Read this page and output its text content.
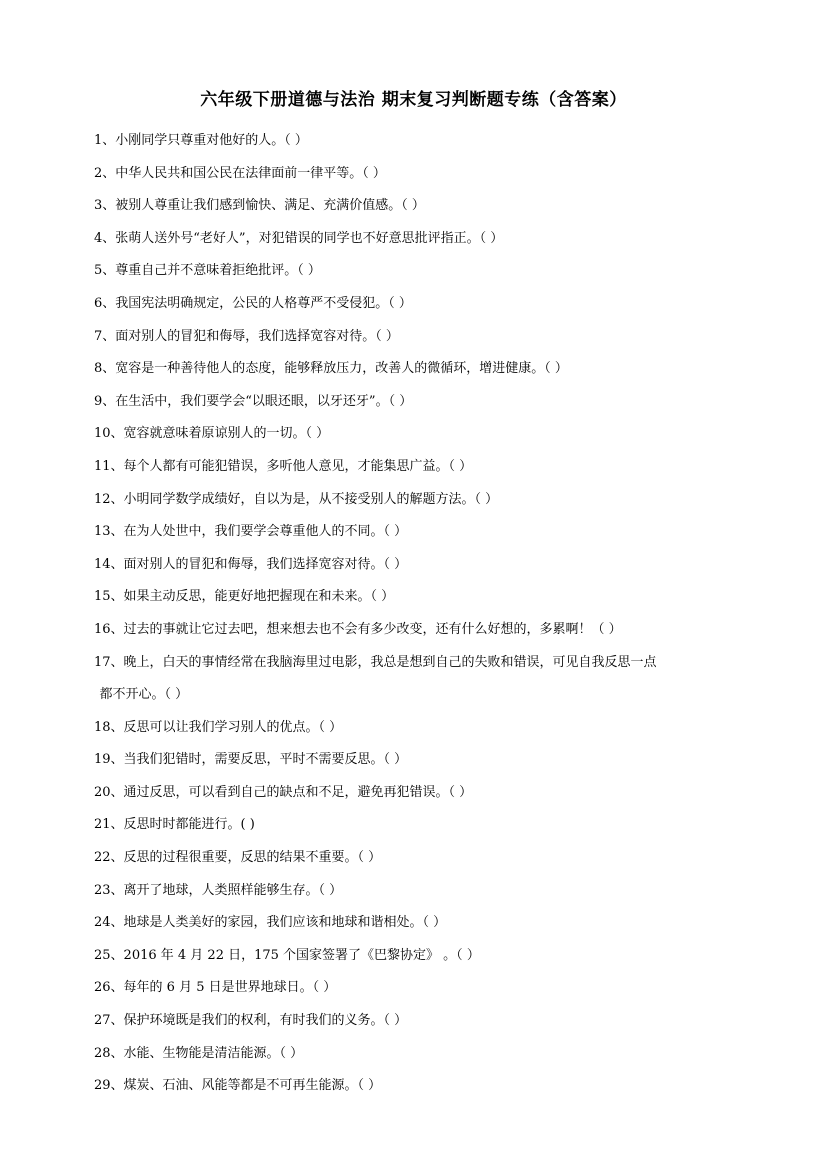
六年级下册道德与法治 期末复习判断题专练（含答案）
1、 小刚同学只尊重对他好的人。（ ）
2、 中华人民共和国公民在法律面前一律平等。（ ）
3、 被别人尊重让我们感到愉快、满足、充满价值感。（ ）
4、 张萌人送外号“老好人”，对犯错误的同学也不好意思批评指正。（ ）
5、 尊重自己并不意味着拒绝批评。（ ）
6、 我国宪法明确规定，公民的人格尊严不受侵犯。（ ）
7、 面对别人的冒犯和侮辱，我们选择宽容对待。（ ）
8、 宽容是一种善待他人的态度，能够释放压力，改善人的微循环，增进健康。（ ）
9、 在生活中，我们要学会“以眼还眼，以牙还牙”。（ ）
10、 宽容就意味着原谅别人的一切。（ ）
11、 每个人都有可能犯错误，多听他人意见，才能集思广益。（ ）
12、 小明同学数学成绩好，自以为是，从不接受别人的解题方法。（ ）
13、 在为人处世中，我们要学会尊重他人的不同。（ ）
14、 面对别人的冒犯和侮辱，我们选择宽容对待。（ ）
15、 如果主动反思，能更好地把握现在和未来。（ ）
16、 过去的事就让它过去吧，想来想去也不会有多少改变，还有什么好想的，多累啊！（ ）
17、 晚上，白天的事情经常在我脑海里过电影，我总是想到自己的失败和错误，可见自我反思一点
都不开心。（ ）
18、 反思可以让我们学习别人的优点。（ ）
19、 当我们犯错时，需要反思，平时不需要反思。（ ）
20、 通过反思，可以看到自己的缺点和不足，避免再犯错误。（ ）
21、 反思时时都能进行。( )
22、 反思的过程很重要，反思的结果不重要。（ ）
23、 离开了地球，人类照样能够生存。（ ）
24、 地球是人类美好的家园，我们应该和地球和谐相处。（ ）
25、 2016 年 4 月 22 日，175 个国家签署了《巴黎协定》 。（ ）
26、 每年的 6 月 5 日是世界地球日。（ ）
27、 保护环境既是我们的权利，有时我们的义务。（ ）
28、 水能、生物能是清洁能源。（ ）
29、 煤炭、石油、风能等都是不可再生能源。（ ）
